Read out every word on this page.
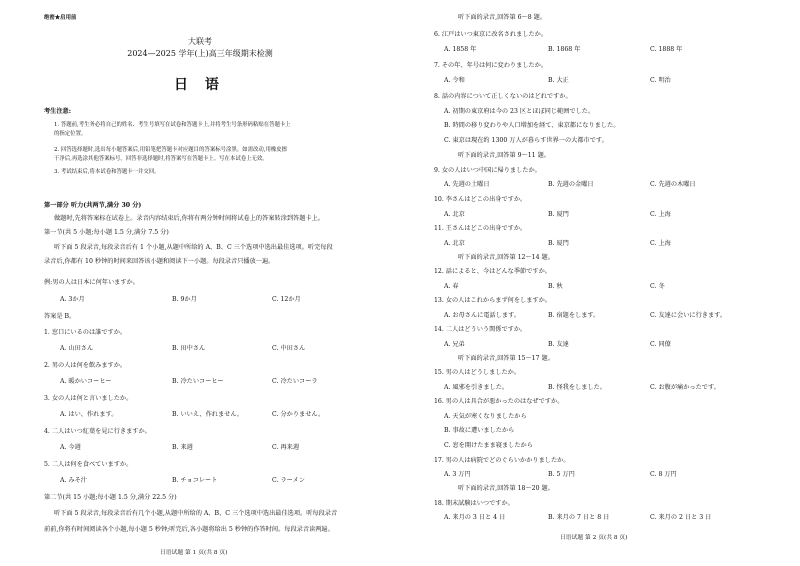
绝密★启用前
大联考
2024—2025 学年(上)高三年级期末检测
日 语
考生注意:
1. 答题前,考生务必将自己的姓名、考生号填写在试卷和答题卡上,并将考生号条形码粘贴在答题卡上
的指定位置。
2. 回答选择题时,选出每小题答案后,用铅笔把答题卡对应题目的答案标号涂黑。如需改动,用橡皮擦
干净后,再选涂其他答案标号。回答非选择题时,将答案写在答题卡上。写在本试卷上无效。
3. 考试结束后,将本试卷和答题卡一并交回。
第一部分 听力(共两节,满分 30 分)
做题时,先将答案标在试卷上。录音内容结束后,你将有两分钟时间将试卷上的答案转涂到答题卡上。
第一节(共 5 小题;每小题 1.5 分,满分 7.5 分)
听下面 5 段录音,每段录音后有 1 个小题,从题中所给的 A、B、C 三个选项中选出最佳选项。听完每段
录音后,你都有 10 秒钟的时间来回答该小题和阅读下一小题。每段录音只播放一遍。
例:男の人は日本に何年いますか。
A. 3か月	B. 9か月	C. 12か月
答案是 B。
1. 窓口にいるのは誰ですか。
A. 山田さん	B. 田中さん	C. 中田さん
2. 男の人は何を飲みますか。
A. 暖かいコーヒー	B. 冷たいコーヒー	C. 冷たいコーラ
3. 女の人は何と言いましたか。
A. はい、作れます。	B. いいえ、作れません。	C. 分かりません。
4. 二人はいつ紅葉を見に行きますか。
A. 今週	B. 来週	C. 再来週
5. 二人は何を食べていますか。
A. みそ汁	B. チョコレート	C. ラーメン
第二节(共 15 小题;每小题 1.5 分,满分 22.5 分)
听下面 5 段录音,每段录音后有几个小题,从题中所给的 A、B、C 三个选项中选出最佳选项。听每段录音
前前,你将有时间阅读各个小题,每小题 5 秒钟;听完后,各小题将给出 5 秒钟的作答时间。每段录音读两遍。
日语试题 第 1 页(共 8 页)
听下面的录音,回答第 6～8 题。
6. 江戸はいつ東京に改名されましたか。
A. 1858 年	B. 1868 年	C. 1888 年
7. その年、年号は何に変わりましたか。
A. 令和	B. 大正	C. 明治
8. 話の内容について正しくないのはどれですか。
A. 初期の東京府は今の 23 区とほぼ同じ範囲でした。
B. 時間の移り変わりや人口増加を経て、東京都になりました。
C. 東京は現在約 1300 万人が暮らす世界一の大都市です。
听下面的录音,回答第 9～11 题。
9. 女の人はいつ中国に帰りましたか。
A. 先週の土曜日	B. 先週の金曜日	C. 先週の木曜日
10. 李さんはどこの出身ですか。
A. 北京	B. 厦門	C. 上海
11. 王さんはどこの出身ですか。
A. 北京	B. 厦門	C. 上海
听下面的录音,回答第 12～14 题。
12. 話によると、今はどんな季節ですか。
A. 春	B. 秋	C. 冬
13. 女の人はこれからまず何をしますか。
A. お母さんに電話します。	B. 宿題をします。	C. 友達に会いに行きます。
14. 二人はどういう関係ですか。
A. 兄弟	B. 友達	C. 同僚
听下面的录音,回答第 15～17 题。
15. 男の人はどうしましたか。
A. 風邪を引きました。	B. 怪我をしました。	C. お腹が痛かったです。
16. 男の人は具合が悪かったのはなぜですか。
A. 天気が寒くなりましたから
B. 事故に遭いましたから
C. 窓を開けたまま寝ましたから
17. 男の人は病院でどのぐらいかかりましたか。
A. 3 万円	B. 5 万円	C. 8 万円
听下面的录音,回答第 18～20 题。
18. 期末試験はいつですか。
A. 来月の 3 日と 4 日	B. 来月の 7 日と 8 日	C. 来月の 2 日と 3 日
日语试题 第 2 页(共 8 页)
